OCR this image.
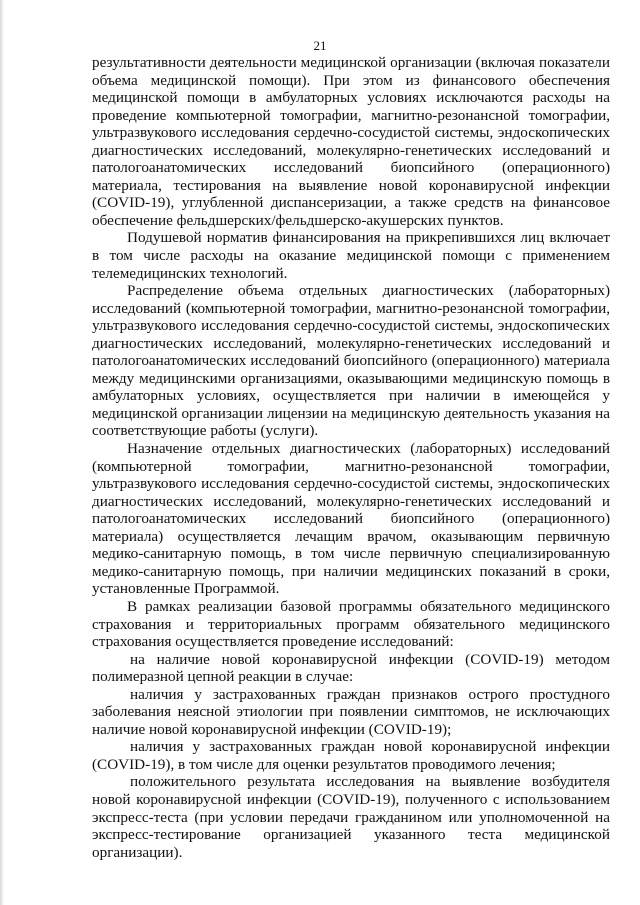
21

результативности деятельности медицинской организации (включая показатели объема медицинской помощи). При этом из финансового обеспечения медицинской помощи в амбулаторных условиях исключаются расходы на проведение компьютерной томографии, магнитно-резонансной томографии, ультразвукового исследования сердечно-сосудистой системы, эндоскопических диагностических исследований, молекулярно-генетических исследований и патологоанатомических исследований биопсийного (операционного) материала, тестирования на выявление новой коронавирусной инфекции (COVID-19), углубленной диспансеризации, а также средств на финансовое обеспечение фельдшерских/фельдшерско-акушерских пунктов.

Подушевой норматив финансирования на прикрепившихся лиц включает в том числе расходы на оказание медицинской помощи с применением телемедицинских технологий.

Распределение объема отдельных диагностических (лабораторных) исследований (компьютерной томографии, магнитно-резонансной томографии, ультразвукового исследования сердечно-сосудистой системы, эндоскопических диагностических исследований, молекулярно-генетических исследований и патологоанатомических исследований биопсийного (операционного) материала между медицинскими организациями, оказывающими медицинскую помощь в амбулаторных условиях, осуществляется при наличии в имеющейся у медицинской организации лицензии на медицинскую деятельность указания на соответствующие работы (услуги).

Назначение отдельных диагностических (лабораторных) исследований (компьютерной томографии, магнитно-резонансной томографии, ультразвукового исследования сердечно-сосудистой системы, эндоскопических диагностических исследований, молекулярно-генетических исследований и патологоанатомических исследований биопсийного (операционного) материала) осуществляется лечащим врачом, оказывающим первичную медико-санитарную помощь, в том числе первичную специализированную медико-санитарную помощь, при наличии медицинских показаний в сроки, установленные Программой.

В рамках реализации базовой программы обязательного медицинского страхования и территориальных программ обязательного медицинского страхования осуществляется проведение исследований:

на наличие новой коронавирусной инфекции (COVID-19) методом полимеразной цепной реакции в случае:

наличия у застрахованных граждан признаков острого простудного заболевания неясной этиологии при появлении симптомов, не исключающих наличие новой коронавирусной инфекции (COVID-19);

наличия у застрахованных граждан новой коронавирусной инфекции (COVID-19), в том числе для оценки результатов проводимого лечения;

положительного результата исследования на выявление возбудителя новой коронавирусной инфекции (COVID-19), полученного с использованием экспресс-теста (при условии передачи гражданином или уполномоченной на экспресс-тестирование организацией указанного теста медицинской организации).
